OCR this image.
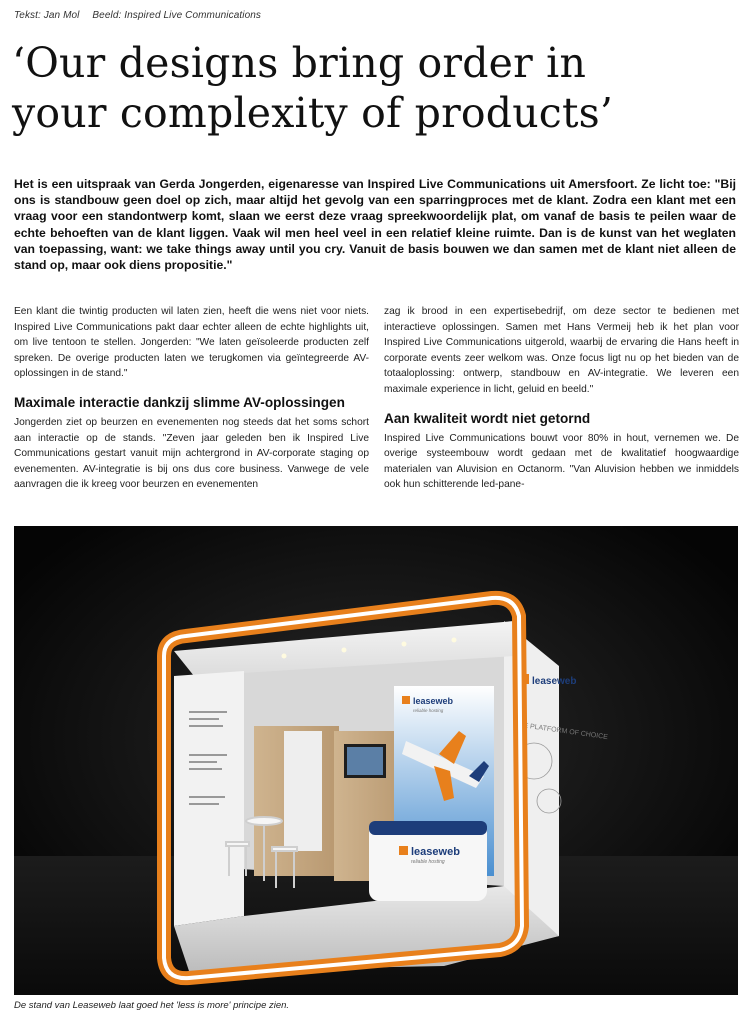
Tekst: Jan Mol Beeld: Inspired Live Communications
‘Our designs bring order in
your complexity of products’

Het is een uitspraak van Gerda Jongerden, eigenaresse van Inspired Live Communications uit Amersfoort. Ze licht toe: "Bij ons is standbouw geen doel op zich, maar altijd het gevolg van een sparringproces met de klant. Zodra een klant met een vraag voor een standontwerp komt, slaan we eerst deze vraag spreekwoordelijk plat, om vanaf de basis te peilen waar de echte behoeften van de klant liggen. Vaak wil men heel veel in een relatief kleine ruimte. Dan is de kunst van het weglaten van toepassing, want: we take things away until you cry. Vanuit de basis bouwen we dan samen met de klant niet alleen de stand op, maar ook diens propositie."

Een klant die twintig producten wil laten zien, heeft die wens niet voor niets. Inspired Live Communications pakt daar echter alleen de echte highlights uit, om live tentoon te stellen. Jongerden: "We laten geïsoleerde producten zelf spreken. De overige producten laten we terugkomen via geïntegreerde AV-oplossingen in de stand."

Maximale interactie dankzij slimme AV-oplossingen

Jongerden ziet op beurzen en evenementen nog steeds dat het soms schort aan interactie op de stands. "Zeven jaar geleden ben ik Inspired Live Communications gestart vanuit mijn achtergrond in AV-corporate staging op evenementen. AV-integratie is bij ons dus core business. Vanwege de vele aanvragen die ik kreeg voor beurzen en evenementen

zag ik brood in een expertisebedrijf, om deze sector te bedienen met interactieve oplossingen. Samen met Hans Vermeij heb ik het plan voor Inspired Live Communications uitgerold, waarbij de ervaring die Hans heeft in corporate events zeer welkom was. Onze focus ligt nu op het bieden van de totaaloplossing: ontwerp, standbouw en AV-integratie. We leveren een maximale experience in licht, geluid en beeld."

Aan kwaliteit wordt niet getornd

Inspired Live Communications bouwt voor 80% in hout, vernemen we. De overige systeembouw wordt gedaan met de kwalitatief hoogwaardige materialen van Aluvision en Octanorm. "Van Aluvision hebben we inmiddels ook hun schitterende led-pane-

THE PLATFORM OF CHOICE
leaseweb
leaseweb
reliable hosting
leaseweb
reliable hosting
De stand van Leaseweb laat goed het 'less is more' principe zien.
